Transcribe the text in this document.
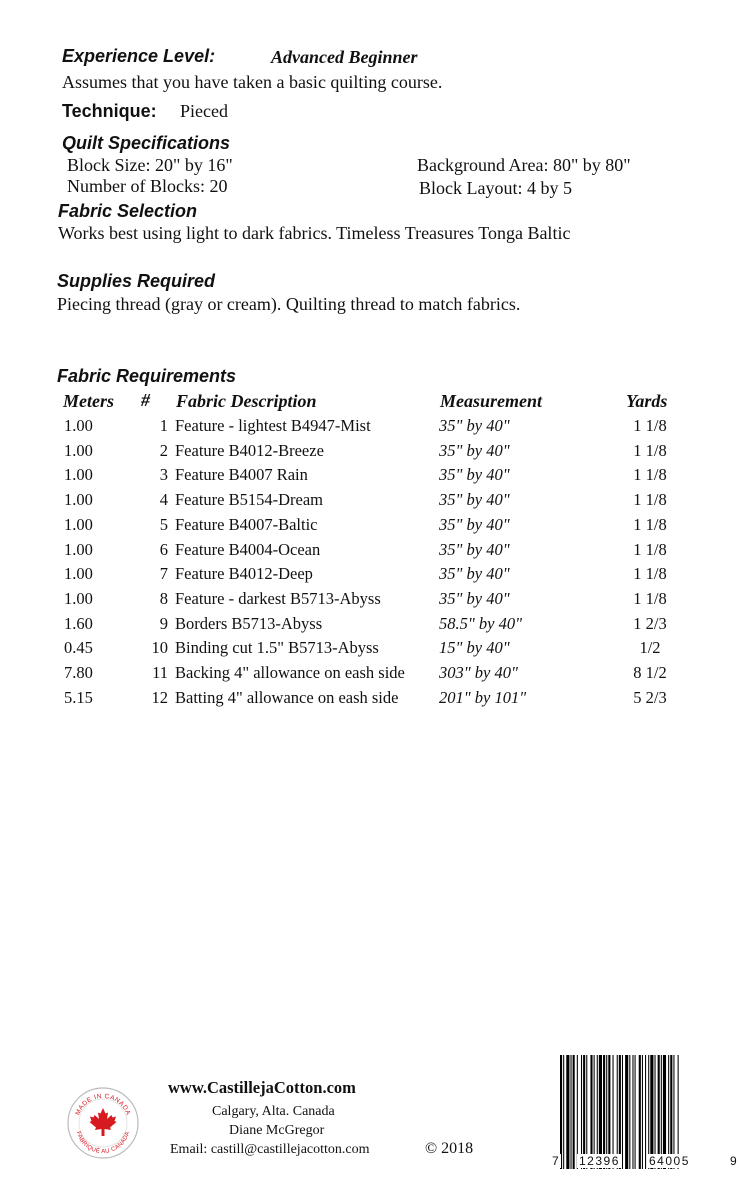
Experience Level:	Advanced Beginner
Assumes that you have taken a basic quilting course.
Technique: Pieced
Quilt Specifications
Block Size: 20" by 16"
Number of Blocks: 20
Background Area: 80" by 80"
Block Layout: 4 by 5
Fabric Selection
Works best using light to dark fabrics. Timeless Treasures Tonga Baltic
Supplies Required
Piecing thread (gray or cream). Quilting thread to match fabrics.
Fabric Requirements
Meters # Fabric Description	Measurement	Yards
1.00	1 Feature - lightest B4947-Mist	35" by 40"	1 1/8
1.00	2 Feature B4012-Breeze	35" by 40"	1 1/8
1.00	3 Feature B4007 Rain	35" by 40"	1 1/8
1.00	4 Feature B5154-Dream	35" by 40"	1 1/8
1.00	5 Feature B4007-Baltic	35" by 40"	1 1/8
1.00	6 Feature B4004-Ocean	35" by 40"	1 1/8
1.00	7 Feature B4012-Deep	35" by 40"	1 1/8
1.00	8 Feature - darkest B5713-Abyss	35" by 40"	1 1/8
1.60	9 Borders B5713-Abyss	58.5" by 40"	1 2/3
0.45	10 Binding cut 1.5" B5713-Abyss	15" by 40"	1/2
7.80	11 Backing 4" allowance on eash side 303" by 40"	8 1/2
5.15	12 Batting 4" allowance on eash side 201" by 101"	5 2/3
MADE IN CANADA
FABRIQUÉ AU CANADA
www.CastillejaCotton.com
Calgary, Alta. Canada
Diane McGregor
Email: castill@castillejacotton.com	© 2018
7 12396 64005	9
